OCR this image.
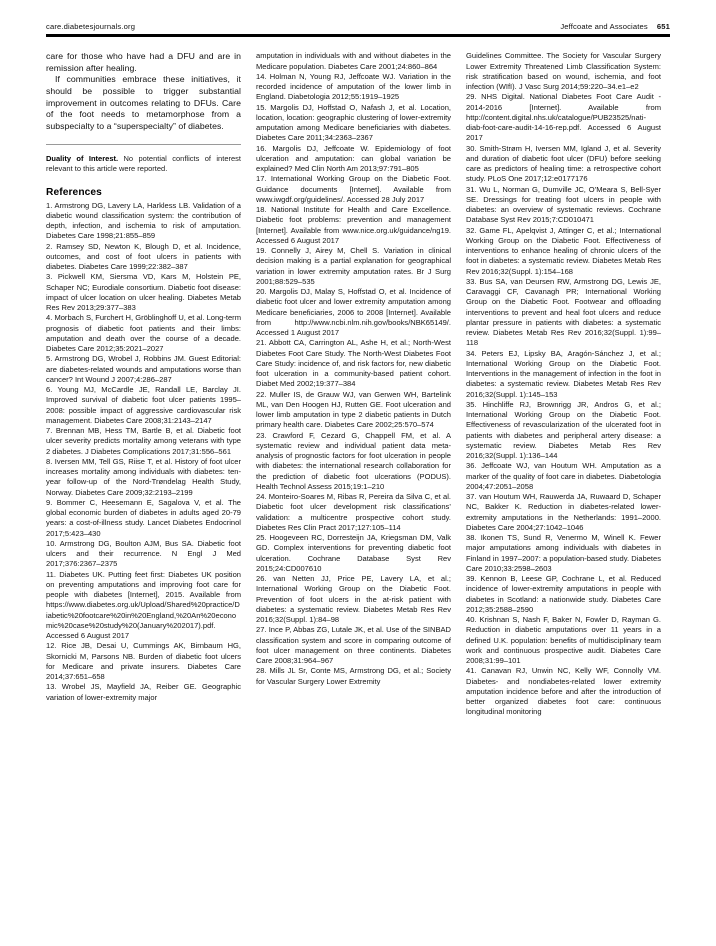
care.diabetesjournals.org	Jeffcoate and Associates 651

care for those who have had a DFU and are in remission after healing.

If communities embrace these initiatives, it should be possible to trigger substantial improvement in outcomes relating to DFUs. Care of the foot needs to metamorphose from a subspecialty to a “superspecialty” of diabetes.

Duality of Interest. No potential conflicts of interest relevant to this article were reported.

References

1. Armstrong DG, Lavery LA, Harkless LB. Validation of a diabetic wound classification system: the contribution of depth, infection, and ischemia to risk of amputation. Diabetes Care 1998;21:855–859

2. Ramsey SD, Newton K, Blough D, et al. Incidence, outcomes, and cost of foot ulcers in patients with diabetes. Diabetes Care 1999;22:382–387

3. Pickwell KM, Siersma VD, Kars M, Holstein PE, Schaper NC; Eurodiale consortium. Diabetic foot disease: impact of ulcer location on ulcer healing. Diabetes Metab Res Rev 2013;29:377–383

4. Morbach S, Furchert H, Gröblinghoff U, et al. Long-term prognosis of diabetic foot patients and their limbs: amputation and death over the course of a decade. Diabetes Care 2012;35:2021–2027

5. Armstrong DG, Wrobel J, Robbins JM. Guest Editorial: are diabetes-related wounds and amputations worse than cancer? Int Wound J 2007;4:286–287

6. Young MJ, McCardle JE, Randall LE, Barclay JI. Improved survival of diabetic foot ulcer patients 1995–2008: possible impact of aggressive cardiovascular risk management. Diabetes Care 2008;31:2143–2147

7. Brennan MB, Hess TM, Bartle B, et al. Diabetic foot ulcer severity predicts mortality among veterans with type 2 diabetes. J Diabetes Complications 2017;31:556–561

8. Iversen MM, Tell GS, Riise T, et al. History of foot ulcer increases mortality among individuals with diabetes: ten-year follow-up of the Nord-Trøndelag Health Study, Norway. Diabetes Care 2009;32:2193–2199

9. Bommer C, Heesemann E, Sagalova V, et al. The global economic burden of diabetes in adults aged 20-79 years: a cost-of-illness study. Lancet Diabetes Endocrinol 2017;5:423–430

10. Armstrong DG, Boulton AJM, Bus SA. Diabetic foot ulcers and their recurrence. N Engl J Med 2017;376:2367–2375

11. Diabetes UK. Putting feet first: Diabetes UK position on preventing amputations and improving foot care for people with diabetes [Internet], 2015. Available from https://www.diabetes.org.uk/Upload/Shared%20practice/Diabetic%20footcare%20in%20England,%20An%20economic%20case%20study%20(January%202017).pdf. Accessed 6 August 2017

12. Rice JB, Desai U, Cummings AK, Birnbaum HG, Skornicki M, Parsons NB. Burden of diabetic foot ulcers for Medicare and private insurers. Diabetes Care 2014;37:651–658

13. Wrobel JS, Mayfield JA, Reiber GE. Geographic variation of lower-extremity major

amputation in individuals with and without diabetes in the Medicare population. Diabetes Care 2001;24:860–864

14. Holman N, Young RJ, Jeffcoate WJ. Variation in the recorded incidence of amputation of the lower limb in England. Diabetologia 2012;55:1919–1925

15. Margolis DJ, Hoffstad O, Nafash J, et al. Location, location, location: geographic clustering of lower-extremity amputation among Medicare beneficiaries with diabetes. Diabetes Care 2011;34:2363–2367

16. Margolis DJ, Jeffcoate W. Epidemiology of foot ulceration and amputation: can global variation be explained? Med Clin North Am 2013;97:791–805

17. International Working Group on the Diabetic Foot. Guidance documents [Internet]. Available from www.iwgdf.org/guidelines/. Accessed 28 July 2017

18. National Institute for Health and Care Excellence. Diabetic foot problems: prevention and management [Internet]. Available from www.nice.org.uk/guidance/ng19. Accessed 6 August 2017

19. Connelly J, Airey M, Chell S. Variation in clinical decision making is a partial explanation for geographical variation in lower extremity amputation rates. Br J Surg 2001;88:529–535

20. Margolis DJ, Malay S, Hoffstad O, et al. Incidence of diabetic foot ulcer and lower extremity amputation among Medicare beneficiaries, 2006 to 2008 [Internet]. Available from http://www.ncbi.nlm.nih.gov/books/NBK65149/. Accessed 1 August 2017

21. Abbott CA, Carrington AL, Ashe H, et al.; North-West Diabetes Foot Care Study. The North-West Diabetes Foot Care Study: incidence of, and risk factors for, new diabetic foot ulceration in a community-based patient cohort. Diabet Med 2002;19:377–384

22. Muller IS, de Grauw WJ, van Gerwen WH, Bartelink ML, van Den Hoogen HJ, Rutten GE. Foot ulceration and lower limb amputation in type 2 diabetic patients in Dutch primary health care. Diabetes Care 2002;25:570–574

23. Crawford F, Cezard G, Chappell FM, et al. A systematic review and individual patient data meta-analysis of prognostic factors for foot ulceration in people with diabetes: the international research collaboration for the prediction of diabetic foot ulcerations (PODUS). Health Technol Assess 2015;19:1–210

24. Monteiro-Soares M, Ribas R, Pereira da Silva C, et al. Diabetic foot ulcer development risk classifications’ validation: a multicentre prospective cohort study. Diabetes Res Clin Pract 2017;127:105–114

25. Hoogeveen RC, Dorresteijn JA, Kriegsman DM, Valk GD. Complex interventions for preventing diabetic foot ulceration. Cochrane Database Syst Rev 2015;24:CD007610

26. van Netten JJ, Price PE, Lavery LA, et al.; International Working Group on the Diabetic Foot. Prevention of foot ulcers in the at-risk patient with diabetes: a systematic review. Diabetes Metab Res Rev 2016;32(Suppl. 1):84–98

27. Ince P, Abbas ZG, Lutale JK, et al. Use of the SINBAD classification system and score in comparing outcome of foot ulcer management on three continents. Diabetes Care 2008;31:964–967

28. Mills JL Sr, Conte MS, Armstrong DG, et al.; Society for Vascular Surgery Lower Extremity

Guidelines Committee. The Society for Vascular Surgery Lower Extremity Threatened Limb Classification System: risk stratification based on wound, ischemia, and foot infection (WIfI). J Vasc Surg 2014;59:220–34.e1–e2

29. NHS Digital. National Diabetes Foot Care Audit - 2014-2016 [Internet]. Available from http://content.digital.nhs.uk/catalogue/PUB23525/nati-diab-foot-care-audit-14-16-rep.pdf. Accessed 6 August 2017

30. Smith-Strøm H, Iversen MM, Igland J, et al. Severity and duration of diabetic foot ulcer (DFU) before seeking care as predictors of healing time: a retrospective cohort study. PLoS One 2017;12:e0177176

31. Wu L, Norman G, Dumville JC, O’Meara S, Bell-Syer SE. Dressings for treating foot ulcers in people with diabetes: an overview of systematic reviews. Cochrane Database Syst Rev 2015;7:CD010471

32. Game FL, Apelqvist J, Attinger C, et al.; International Working Group on the Diabetic Foot. Effectiveness of interventions to enhance healing of chronic ulcers of the foot in diabetes: a systematic review. Diabetes Metab Res Rev 2016;32(Suppl. 1):154–168

33. Bus SA, van Deursen RW, Armstrong DG, Lewis JE, Caravaggi CF, Cavanagh PR; International Working Group on the Diabetic Foot. Footwear and offloading interventions to prevent and heal foot ulcers and reduce plantar pressure in patients with diabetes: a systematic review. Diabetes Metab Res Rev 2016;32(Suppl. 1):99–118

34. Peters EJ, Lipsky BA, Aragón-Sánchez J, et al.; International Working Group on the Diabetic Foot. Interventions in the management of infection in the foot in diabetes: a systematic review. Diabetes Metab Res Rev 2016;32(Suppl. 1):145–153

35. Hinchliffe RJ, Brownrigg JR, Andros G, et al.; International Working Group on the Diabetic Foot. Effectiveness of revascularization of the ulcerated foot in patients with diabetes and peripheral artery disease: a systematic review. Diabetes Metab Res Rev 2016;32(Suppl. 1):136–144

36. Jeffcoate WJ, van Houtum WH. Amputation as a marker of the quality of foot care in diabetes. Diabetologia 2004;47:2051–2058

37. van Houtum WH, Rauwerda JA, Ruwaard D, Schaper NC, Bakker K. Reduction in diabetes-related lower-extremity amputations in the Netherlands: 1991–2000. Diabetes Care 2004;27:1042–1046

38. Ikonen TS, Sund R, Venermo M, Winell K. Fewer major amputations among individuals with diabetes in Finland in 1997–2007: a population-based study. Diabetes Care 2010;33:2598–2603

39. Kennon B, Leese GP, Cochrane L, et al. Reduced incidence of lower-extremity amputations in people with diabetes in Scotland: a nationwide study. Diabetes Care 2012;35:2588–2590

40. Krishnan S, Nash F, Baker N, Fowler D, Rayman G. Reduction in diabetic amputations over 11 years in a defined U.K. population: benefits of multidisciplinary team work and continuous prospective audit. Diabetes Care 2008;31:99–101

41. Canavan RJ, Unwin NC, Kelly WF, Connolly VM. Diabetes- and nondiabetes-related lower extremity amputation incidence before and after the introduction of better organized diabetes foot care: continuous longitudinal monitoring
